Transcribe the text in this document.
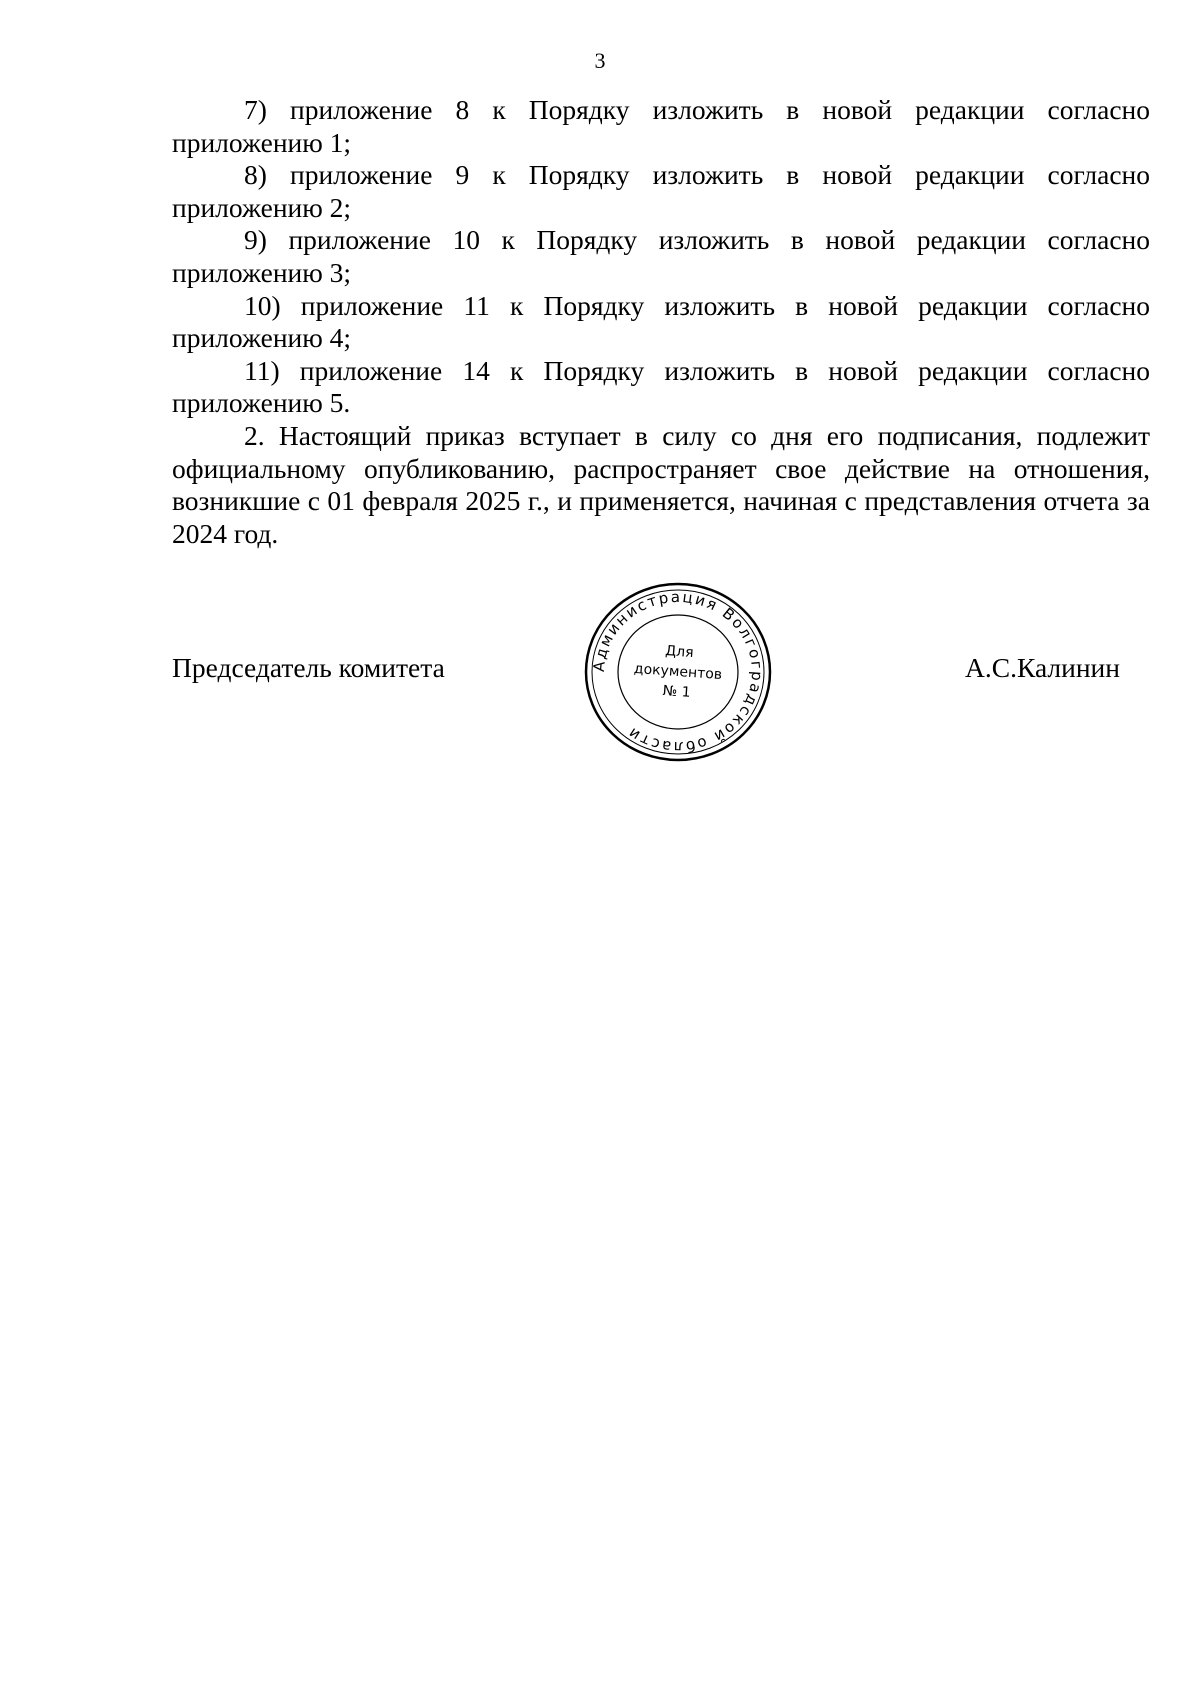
3

7) приложение 8 к Порядку изложить в новой редакции согласно приложению 1;

8) приложение 9 к Порядку изложить в новой редакции согласно приложению 2;

9) приложение 10 к Порядку изложить в новой редакции согласно приложению 3;

10) приложение 11 к Порядку изложить в новой редакции согласно приложению 4;

11) приложение 14 к Порядку изложить в новой редакции согласно приложению 5.

2. Настоящий приказ вступает в силу со дня его подписания, подлежит официальному опубликованию, распространяет свое действие на отношения, возникшие с 01 февраля 2025 г., и применяется, начиная с представления отчета за 2024 год.

Председатель комитета	А.С.Калинин
Администрация Волгоградской области
Для
документов
№ 1
